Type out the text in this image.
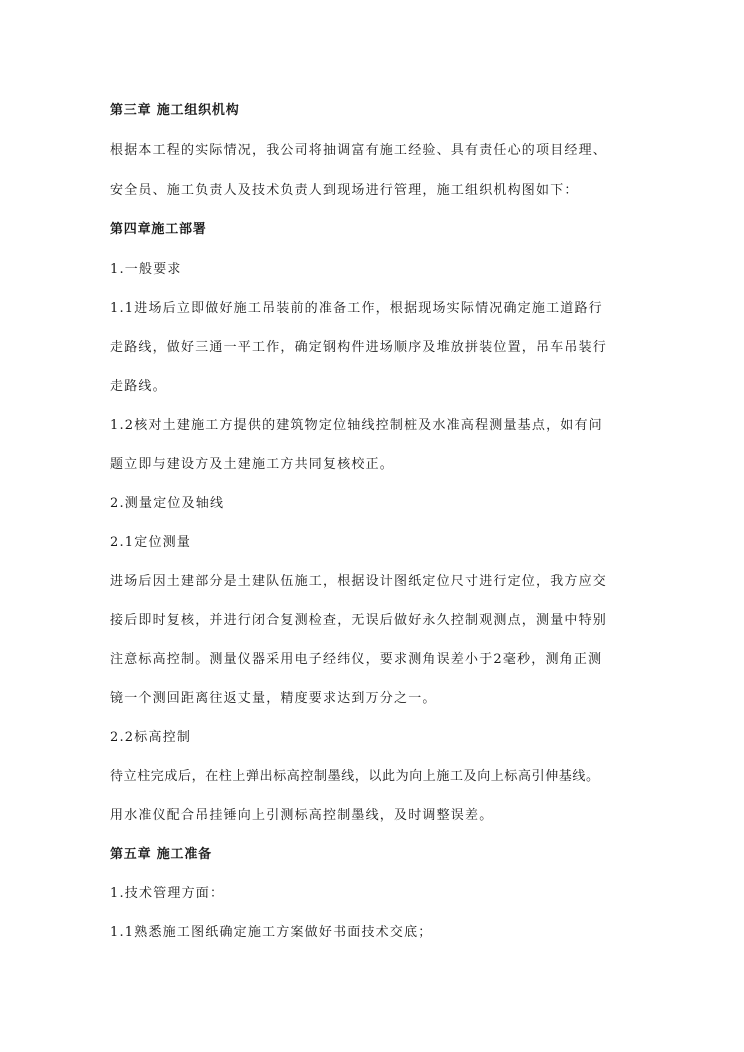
第三章 施工组织机构
根据本工程的实际情况，我公司将抽调富有施工经验、具有责任心的项目经理、
安全员、施工负责人及技术负责人到现场进行管理，施工组织机构图如下：
第四章施工部署
1.一般要求
1.1进场后立即做好施工吊装前的准备工作，根据现场实际情况确定施工道路行
走路线，做好三通一平工作，确定钢构件进场顺序及堆放拼装位置，吊车吊装行
走路线。
1.2核对土建施工方提供的建筑物定位轴线控制桩及水准高程测量基点，如有问
题立即与建设方及土建施工方共同复核校正。
2.测量定位及轴线
2.1定位测量
进场后因土建部分是土建队伍施工，根据设计图纸定位尺寸进行定位，我方应交
接后即时复核，并进行闭合复测检查，无误后做好永久控制观测点，测量中特别
注意标高控制。测量仪器采用电子经纬仪，要求测角误差小于2毫秒，测角正测
镜一个测回距离往返丈量，精度要求达到万分之一。
2.2标高控制
待立柱完成后，在柱上弹出标高控制墨线，以此为向上施工及向上标高引伸基线。
用水准仪配合吊挂锤向上引测标高控制墨线，及时调整误差。
第五章 施工准备
1.技术管理方面：
1.1熟悉施工图纸确定施工方案做好书面技术交底；
